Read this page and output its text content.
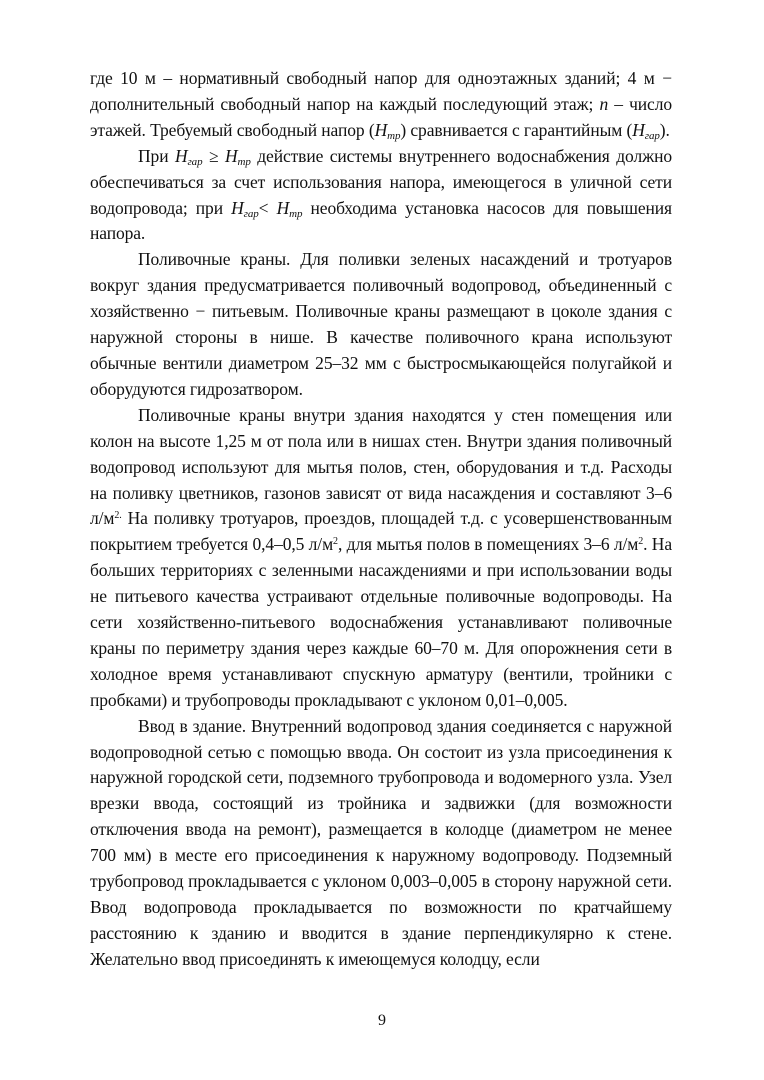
где 10 м – нормативный свободный напор для одноэтажных зданий; 4 м − дополнительный свободный напор на каждый последующий этаж; n – число этажей. Требуемый свободный напор $(H_{тр})$ сравнивается с гарантийным $(H_{гар})$.

При $H_{гар} \ge H_{тр}$ действие системы внутреннего водоснабжения должно обеспечиваться за счет использования напора, имеющегося в уличной сети водопровода; при $H_{гар}< H_{тр}$ необходима установка насосов для повышения напора.

Поливочные краны. Для поливки зеленых насаждений и тротуаров вокруг здания предусматривается поливочный водопровод, объединенный с хозяйственно − питьевым. Поливочные краны размещают в цоколе здания с наружной стороны в нише. В качестве поливочного крана используют обычные вентили диаметром 25–32 мм с быстросмыкающейся полугайкой и оборудуются гидрозатвором.

Поливочные краны внутри здания находятся у стен помещения или колон на высоте 1,25 м от пола или в нишах стен. Внутри здания поливочный водопровод используют для мытья полов, стен, оборудования и т.д. Расходы на поливку цветников, газонов зависят от вида насаждения и составляют 3–6 $л/м^{2.}$ На поливку тротуаров, проездов, площадей т.д. с усовершенствованным покрытием требуется 0,4–0,5 $л/м^2$, для мытья полов в помещениях 3–6 $л/м^2$. На больших территориях с зеленными насаждениями и при использовании воды не питьевого качества устраивают отдельные поливочные водопроводы. На сети хозяйственно-питьевого водоснабжения устанавливают поливочные краны по периметру здания через каждые 60–70 м. Для опорожнения сети в холодное время устанавливают спускную арматуру (вентили, тройники с пробками) и трубопроводы прокладывают с уклоном 0,01–0,005.

Ввод в здание. Внутренний водопровод здания соединяется с наружной водопроводной сетью с помощью ввода. Он состоит из узла присоединения к наружной городской сети, подземного трубопровода и водомерного узла. Узел врезки ввода, состоящий из тройника и задвижки (для возможности отключения ввода на ремонт), размещается в колодце (диаметром не менее 700 мм) в месте его присоединения к наружному водопроводу. Подземный трубопровод прокладывается с уклоном 0,003–0,005 в сторону наружной сети. Ввод водопровода прокладывается по возможности по кратчайшему расстоянию к зданию и вводится в здание перпендикулярно к стене. Желательно ввод присоединять к имеющемуся колодцу, если

9
